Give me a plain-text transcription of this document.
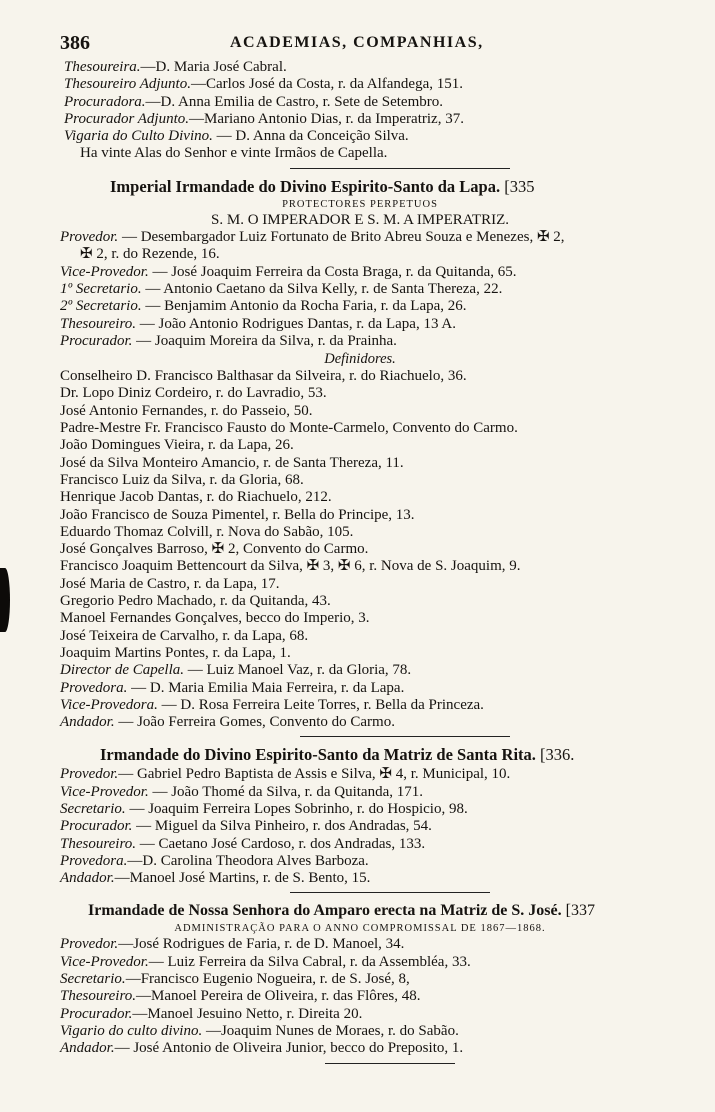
386	ACADEMIAS, COMPANHIAS,
Thesoureira.—D. Maria José Cabral.
Thesoureiro Adjunto.—Carlos José da Costa, r. da Alfandega, 151.
Procuradora.—D. Anna Emilia de Castro, r. Sete de Setembro.
Procurador Adjunto.—Mariano Antonio Dias, r. da Imperatriz, 37.
Vigaria do Culto Divino. — D. Anna da Conceição Silva.
Ha vinte Alas do Senhor e vinte Irmãos de Capella.
Imperial Irmandade do Divino Espirito-Santo da Lapa. [335
PROTECTORES PERPETUOS
S. M. O IMPERADOR E S. M. A IMPERATRIZ.
Provedor. — Desembargador Luiz Fortunato de Brito Abreu Souza e Menezes, ✠ 2,
✠ 2, r. do Rezende, 16.
Vice-Provedor. — José Joaquim Ferreira da Costa Braga, r. da Quitanda, 65.
1º Secretario. — Antonio Caetano da Silva Kelly, r. de Santa Thereza, 22.
2º Secretario. — Benjamim Antonio da Rocha Faria, r. da Lapa, 26.
Thesoureiro. — João Antonio Rodrigues Dantas, r. da Lapa, 13 A.
Procurador. — Joaquim Moreira da Silva, r. da Prainha.
Definidores.
Conselheiro D. Francisco Balthasar da Silveira, r. do Riachuelo, 36.
Dr. Lopo Diniz Cordeiro, r. do Lavradio, 53.
José Antonio Fernandes, r. do Passeio, 50.
Padre-Mestre Fr. Francisco Fausto do Monte-Carmelo, Convento do Carmo.
João Domingues Vieira, r. da Lapa, 26.
José da Silva Monteiro Amancio, r. de Santa Thereza, 11.
Francisco Luiz da Silva, r. da Gloria, 68.
Henrique Jacob Dantas, r. do Riachuelo, 212.
João Francisco de Souza Pimentel, r. Bella do Principe, 13.
Eduardo Thomaz Colvill, r. Nova do Sabão, 105.
José Gonçalves Barroso, ✠ 2, Convento do Carmo.
Francisco Joaquim Bettencourt da Silva, ✠ 3, ✠ 6, r. Nova de S. Joaquim, 9.
José Maria de Castro, r. da Lapa, 17.
Gregorio Pedro Machado, r. da Quitanda, 43.
Manoel Fernandes Gonçalves, becco do Imperio, 3.
José Teixeira de Carvalho, r. da Lapa, 68.
Joaquim Martins Pontes, r. da Lapa, 1.
Director de Capella. — Luiz Manoel Vaz, r. da Gloria, 78.
Provedora. — D. Maria Emilia Maia Ferreira, r. da Lapa.
Vice-Provedora. — D. Rosa Ferreira Leite Torres, r. Bella da Princeza.
Andador. — João Ferreira Gomes, Convento do Carmo.
Irmandade do Divino Espirito-Santo da Matriz de Santa Rita. [336.
Provedor.— Gabriel Pedro Baptista de Assis e Silva, ✠ 4, r. Municipal, 10.
Vice-Provedor. — João Thomé da Silva, r. da Quitanda, 171.
Secretario. — Joaquim Ferreira Lopes Sobrinho, r. do Hospicio, 98.
Procurador. — Miguel da Silva Pinheiro, r. dos Andradas, 54.
Thesoureiro. — Caetano José Cardoso, r. dos Andradas, 133.
Provedora.—D. Carolina Theodora Alves Barboza.
Andador.—Manoel José Martins, r. de S. Bento, 15.
Irmandade de Nossa Senhora do Amparo erecta na Matriz de S. José. [337
ADMINISTRAÇÃO PARA O ANNO COMPROMISSAL DE 1867—1868.
Provedor.—José Rodrigues de Faria, r. de D. Manoel, 34.
Vice-Provedor.— Luiz Ferreira da Silva Cabral, r. da Assembléa, 33.
Secretario.—Francisco Eugenio Nogueira, r. de S. José, 8,
Thesoureiro.—Manoel Pereira de Oliveira, r. das Flôres, 48.
Procurador.—Manoel Jesuino Netto, r. Direita 20.
Vigario do culto divino. —Joaquim Nunes de Moraes, r. do Sabão.
Andador.— José Antonio de Oliveira Junior, becco do Preposito, 1.
